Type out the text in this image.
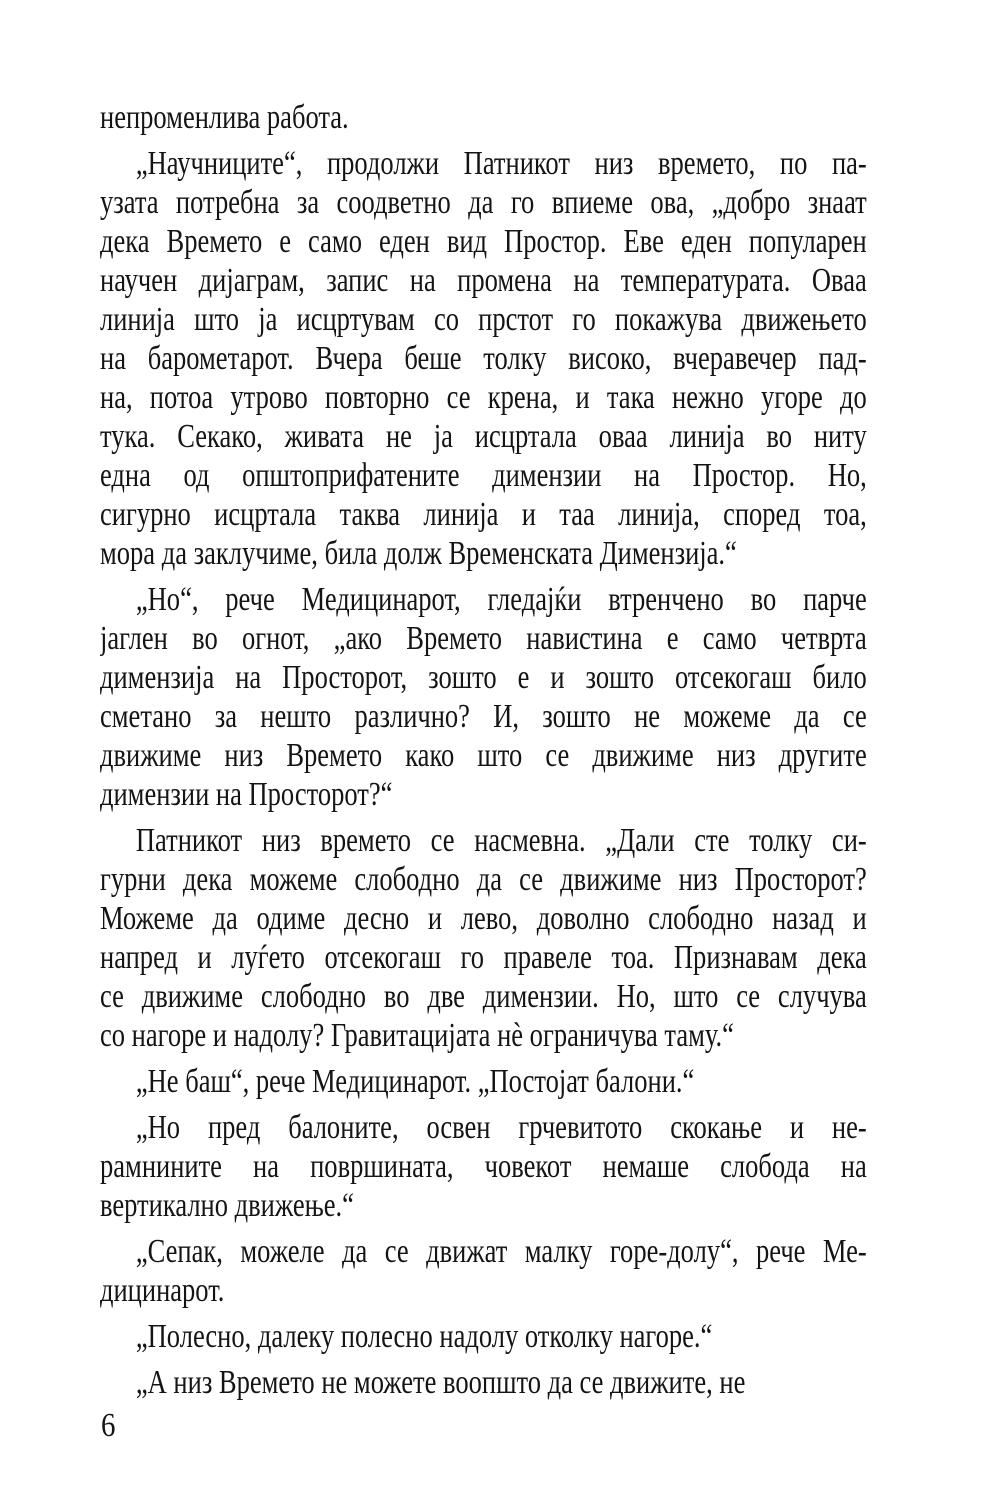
непроменлива работа.
„Научниците“, продолжи Патникот низ времето, по па-
узата потребна за соодветно да го впиеме ова, „добро знаат
дека Времето е само еден вид Простор. Еве еден популарен
научен дијаграм, запис на промена на температурата. Оваа
линија што ја исцртувам со прстот го покажува движењето
на барометарот. Вчера беше толку високо, вчеравечер пад-
на, потоа утрово повторно се крена, и така нежно угоре до
тука. Секако, живата не ја исцртала оваа линија во ниту
една од општоприфатените димензии на Простор. Но,
сигурно исцртала таква линија и таа линија, според тоа,
мора да заклучиме, била долж Временската Димензија.“
„Но“, рече Медицинарот, гледајќи втренчено во парче
јаглен во огнот, „ако Времето навистина е само четврта
димензија на Просторот, зошто е и зошто отсекогаш било
сметано за нешто различно? И, зошто не можеме да се
движиме низ Времето како што се движиме низ другите
димензии на Просторот?“
Патникот низ времето се насмевна. „Дали сте толку си-
гурни дека можеме слободно да се движиме низ Просторот?
Можеме да одиме десно и лево, доволно слободно назад и
напред и луѓето отсекогаш го правеле тоа. Признавам дека
се движиме слободно во две димензии. Но, што се случува
со нагоре и надолу? Гравитацијата нѐ ограничува таму.“
„Не баш“, рече Медицинарот. „Постојат балони.“
„Но пред балоните, освен грчевитото скокање и не-
рамнините на површината, човекот немаше слобода на
вертикално движење.“
„Сепак, можеле да се движат малку горе-долу“, рече Ме-
дицинарот.
„Полесно, далеку полесно надолу отколку нагоре.“
„А низ Времето не можете воопшто да се движите, не
6
